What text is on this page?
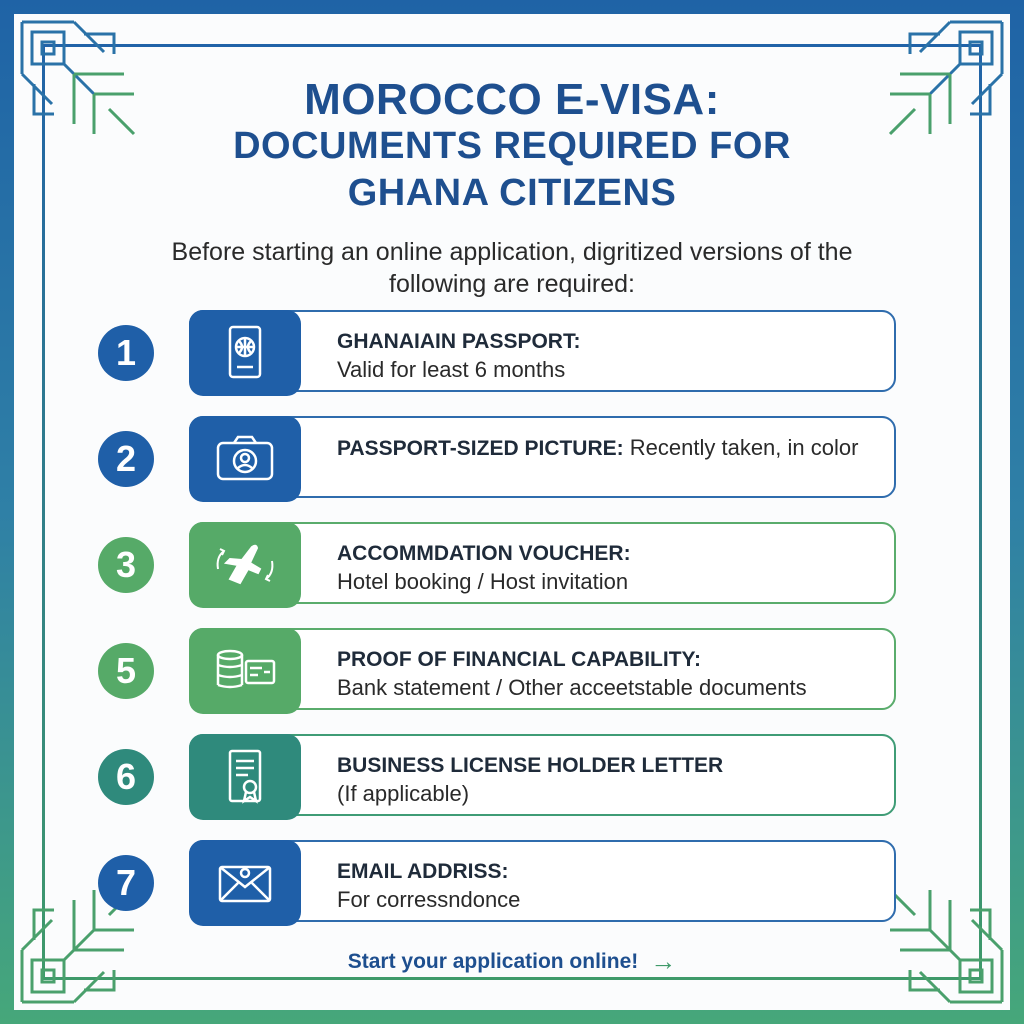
MOROCCO E-VISA:
DOCUMENTS REQUIRED FOR
GHANA CITIZENS
Before starting an online application, digritized versions of the
following are required:
1	GHANAIAIN PASSPORT:
Valid for least 6 months
2	PASSPORT-SIZED PICTURE: Recently taken, in color
3	ACCOMMDATION VOUCHER:
Hotel booking / Host invitation
5	PROOF OF FINANCIAL CAPABILITY:
Bank statement / Other acceetstable documents
6	BUSINESS LICENSE HOLDER LETTER
(If applicable)
7	EMAIL ADDRISS:
For corressndonce
Start your application online! →
